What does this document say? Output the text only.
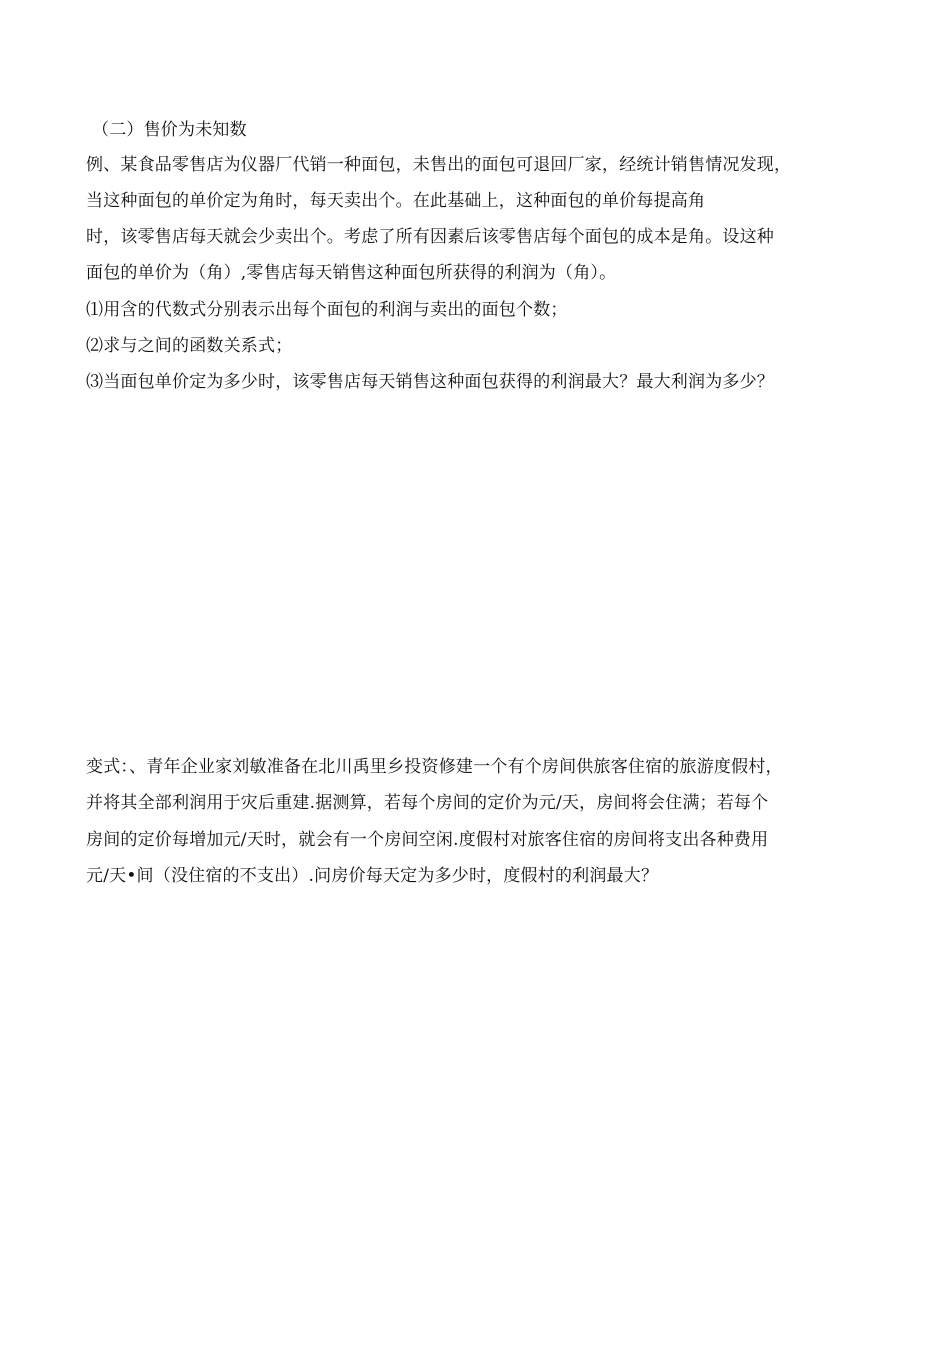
（二）售价为未知数
例、某食品零售店为仪器厂代销一种面包，未售出的面包可退回厂家，经统计销售情况发现，
当这种面包的单价定为角时，每天卖出个。在此基础上，这种面包的单价每提高角
时，该零售店每天就会少卖出个。考虑了所有因素后该零售店每个面包的成本是角。设这种
面包的单价为（角）,零售店每天销售这种面包所获得的利润为（角）。
⑴用含的代数式分别表示出每个面包的利润与卖出的面包个数；
⑵求与之间的函数关系式；
⑶当面包单价定为多少时，该零售店每天销售这种面包获得的利润最大？最大利润为多少？
变式：、青年企业家刘敏准备在北川禹里乡投资修建一个有个房间供旅客住宿的旅游度假村，
并将其全部利润用于灾后重建.据测算，若每个房间的定价为元/天，房间将会住满；若每个
房间的定价每增加元/天时，就会有一个房间空闲.度假村对旅客住宿的房间将支出各种费用
元/天•间（没住宿的不支出）.问房价每天定为多少时，度假村的利润最大？
